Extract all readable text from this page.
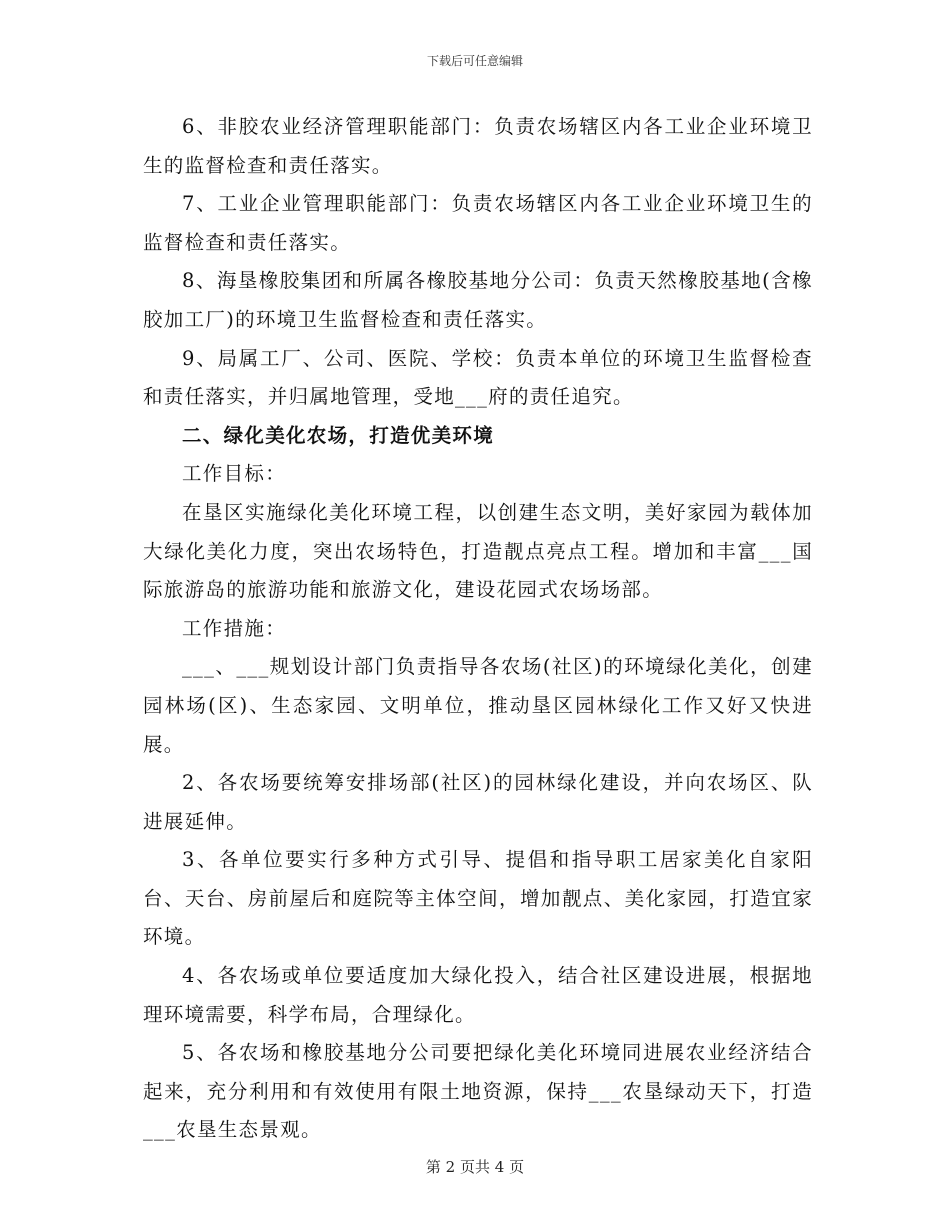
下载后可任意编辑

6、非胶农业经济管理职能部门：负责农场辖区内各工业企业环境卫生的监督检查和责任落实。

7、工业企业管理职能部门：负责农场辖区内各工业企业环境卫生的监督检查和责任落实。

8、海垦橡胶集团和所属各橡胶基地分公司：负责天然橡胶基地(含橡胶加工厂)的环境卫生监督检查和责任落实。

9、局属工厂、公司、医院、学校：负责本单位的环境卫生监督检查和责任落实，并归属地管理，受地___府的责任追究。

二、绿化美化农场，打造优美环境

工作目标：

在垦区实施绿化美化环境工程，以创建生态文明，美好家园为载体加大绿化美化力度，突出农场特色，打造靓点亮点工程。增加和丰富___国际旅游岛的旅游功能和旅游文化，建设花园式农场场部。

工作措施：

___、___规划设计部门负责指导各农场(社区)的环境绿化美化，创建园林场(区)、生态家园、文明单位，推动垦区园林绿化工作又好又快进展。

2、各农场要统筹安排场部(社区)的园林绿化建设，并向农场区、队进展延伸。

3、各单位要实行多种方式引导、提倡和指导职工居家美化自家阳台、天台、房前屋后和庭院等主体空间，增加靓点、美化家园，打造宜家环境。

4、各农场或单位要适度加大绿化投入，结合社区建设进展，根据地理环境需要，科学布局，合理绿化。

5、各农场和橡胶基地分公司要把绿化美化环境同进展农业经济结合起来，充分利用和有效使用有限土地资源，保持___农垦绿动天下，打造___农垦生态景观。

第 2 页共 4 页
